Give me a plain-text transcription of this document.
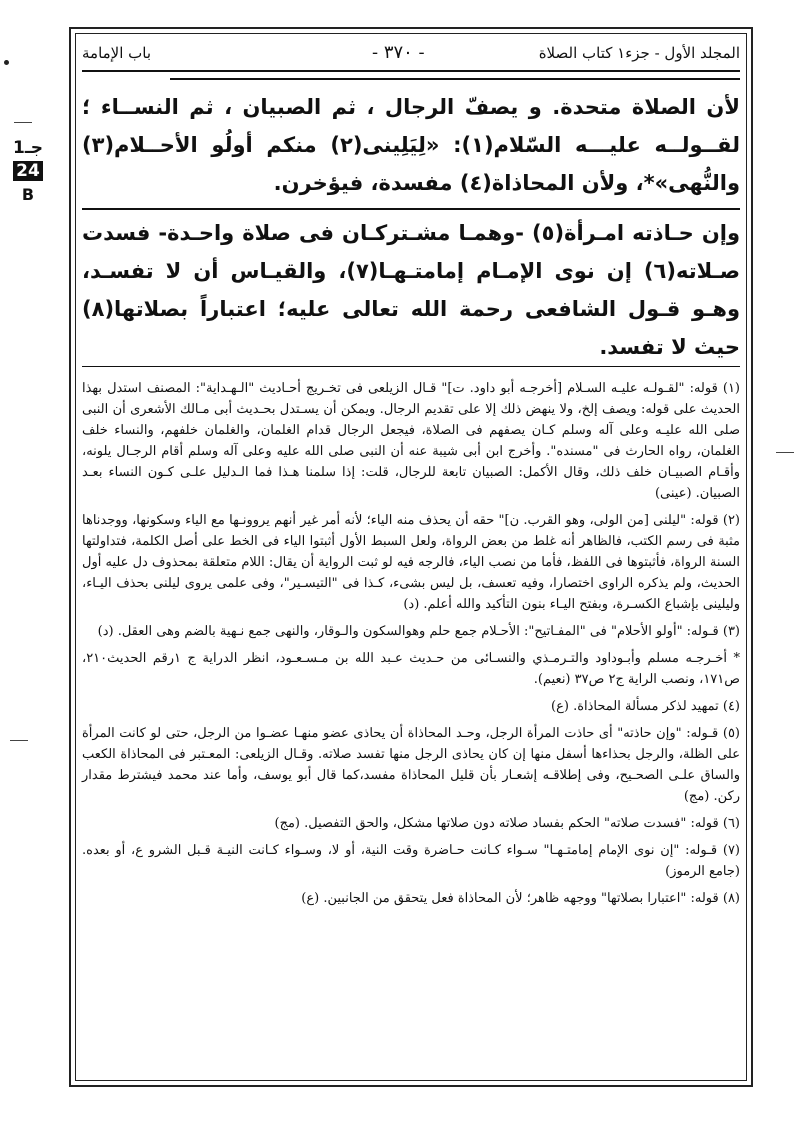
جـ1
24
B
المجلد الأول - جزء١ كتاب الصلاة
- ٣٧٠ -
باب الإمامة

لأن الصلاة متحدة. و يصفّ الرجال ، ثم الصبيان ، ثم النســاء ؛ لقــولــه عليـــه السّلام(١): «لِيَلِينى(٢) منكم أولُو الأحــلام(٣) والنُّهى»*، ولأن المحاذاة(٤) مفسدة، فيؤخرن.

وإن حـاذته امـرأة(٥) -وهمـا مشـتركـان فى صلاة واحـدة- فسدت صـلاته(٦) إن نوى الإمـام إمامتـهـا(٧)، والقيـاس أن لا تفسـد، وهـو قـول الشافعى رحمة الله تعالى عليه؛ اعتباراً بصلاتها(٨) حيث لا تفسد.

(١) قوله: "لقـولـه عليـه السـلام [أخرجـه أبو داود. ت]" قـال الزيلعى فى تخـريج أحـاديث "الـهـداية": المصنف استدل بهذا الحديث على قوله: ويصف إلخ، ولا ينهض ذلك إلا على تقديم الرجال. ويمكن أن يسـتدل بحـديث أبى مـالك الأشعرى أن النبى صلى الله عليـه وعلى آله وسلم كـان يصفهم فى الصلاة، فيجعل الرجال قدام الغلمان، والغلمان خلفهم، والنساء خلف الغلمان، رواه الحارث فى "مسنده". وأخرج ابن أبى شيبة عنه أن النبى صلى الله عليه وعلى آله وسلم أقام الرجـال يلونه، وأقـام الصبيـان خلف ذلك، وقال الأكمل: الصبيان تابعة للرجال، قلت: إذا سلمنا هـذا فما الـدليل علـى كـون النساء بعـد الصبيان. (عينى)

(٢) قوله: "ليلنى [من الولى، وهو القرب. ن]" حقه أن يحذف منه الياء؛ لأنه أمر غير أنهم يروونـها مع الياء وسكونها، ووجدناها مثبة فى رسم الكتب، فالظاهر أنه غلط من بعض الرواة، ولعل السبط الأول أثبتوا الياء فى الخط على أصل الكلمة، فتداولتها السنة الرواة، فأثبتوها فى اللفظ، فأما من نصب الياء، فالرجه فيه لو ثبت الرواية أن يقال: اللام متعلقة بمحذوف دل عليه أول الحديث، ولم يذكره الراوى اختصارا، وفيه تعسف، بل ليس بشىء، كـذا فى "التيسـير"، وفى علمى يروى ليلنى بحذف اليـاء، وليلينى بإشباع الكسـرة، وبفتح اليـاء بنون التأكيد والله أعلم. (د)

(٣) قـوله: "أولو الأحلام" فى "المفـاتيح": الأحـلام جمع حلم وهوالسكون والـوقار، والنهى جمع نـهية بالضم وهى العقل. (د)

* أخـرجـه مسلم وأبـوداود والتـرمـذي والنسـائى من حـديث عـبد الله بن مـسـعـود، انظر الدراية ج ١رقم الحديث٢١٠، ص١٧١، ونصب الراية ج٢ ص٣٧ (نعيم).

(٤) تمهيد لذكر مسألة المحاذاة. (ع)

(٥) قـوله: "وإن حاذته" أى حاذت المرأة الرجل، وحـد المحاذاة أن يحاذى عضو منهـا عضـوا من الرجل، حتى لو كانت المرأة على الظلة، والرجل بحذاءها أسفل منها إن كان يحاذى الرجل منها تفسد صلاته. وقـال الزيلعى: المعـتبر فى المحاذاة الكعب والساق علـى الصحـيح، وفى إطلاقـه إشعـار بأن قليل المحاذاة مفسد،كما قال أبو يوسف، وأما عند محمد فيشترط مقدار ركن. (مج)

(٦) قوله: "فسدت صلاته" الحكم بفساد صلاته دون صلاتها مشكل، والحق التفصيل. (مج)

(٧) قـوله: "إن نوى الإمام إمامتـهـا" سـواء كـانت حـاضرة وقت النية، أو لا، وسـواء كـانت النيـة قـبل الشرو ع، أو بعده. (جامع الرموز)

(٨) قوله: "اعتبارا بصلاتها" ووجهه ظاهر؛ لأن المحاذاة فعل يتحقق من الجانبين. (ع)
